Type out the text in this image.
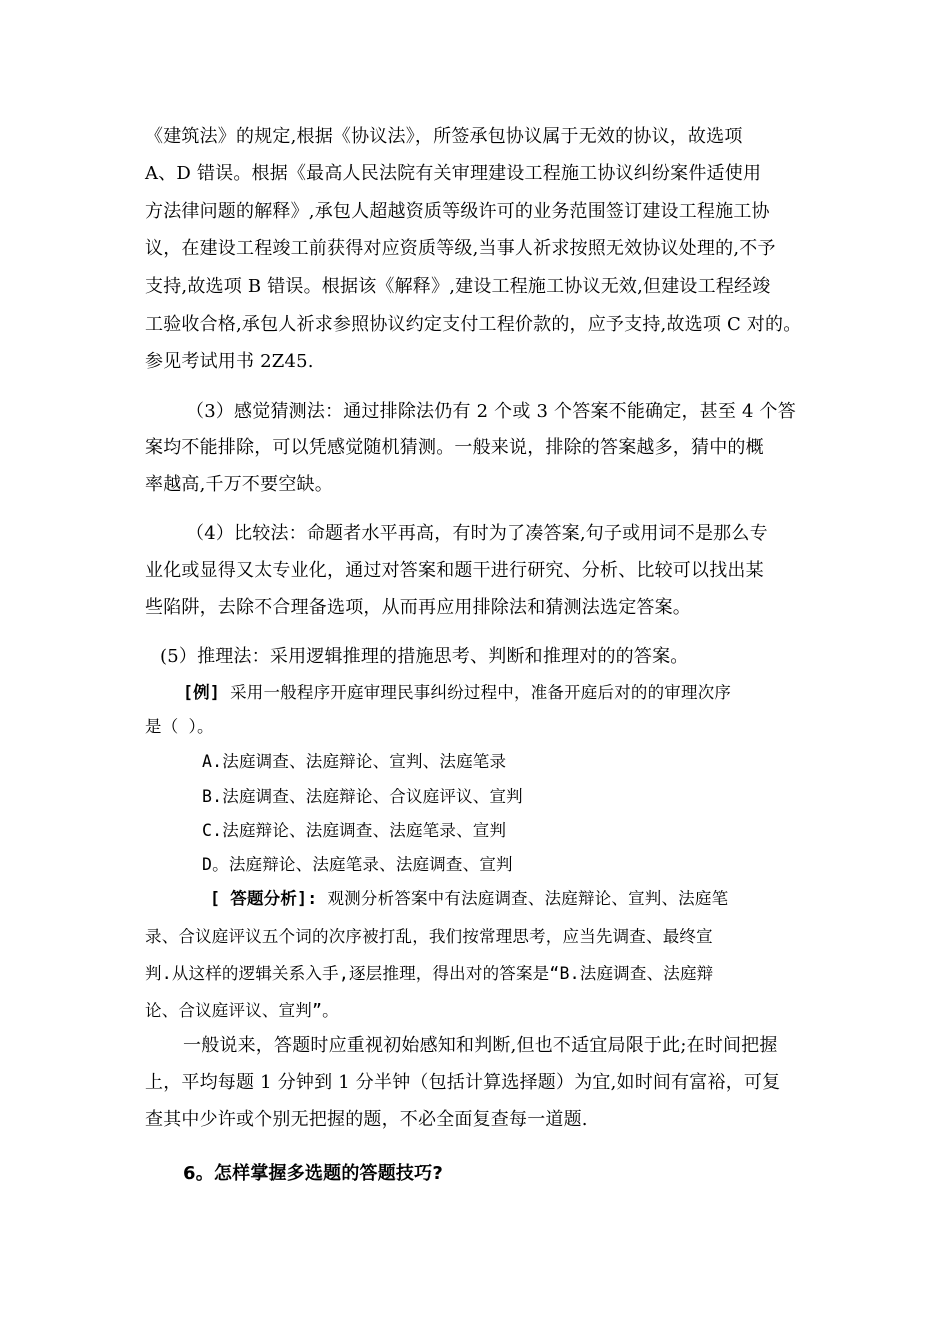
《建筑法》的规定,根据《协议法》，所签承包协议属于无效的协议，故选项
A、D 错误。根据《最高人民法院有关审理建设工程施工协议纠纷案件适使用
方法律问题的解释》,承包人超越资质等级许可的业务范围签订建设工程施工协
议，在建设工程竣工前获得对应资质等级,当事人祈求按照无效协议处理的,不予
支持,故选项 B 错误。根据该《解释》,建设工程施工协议无效,但建设工程经竣
工验收合格,承包人祈求参照协议约定支付工程价款的，应予支持,故选项 C 对的。
参见考试用书 2Z45.
（3）感觉猜测法：通过排除法仍有 2 个或 3 个答案不能确定，甚至 4 个答
案均不能排除，可以凭感觉随机猜测。一般来说，排除的答案越多，猜中的概
率越高,千万不要空缺。
（4）比较法：命题者水平再高，有时为了凑答案,句子或用词不是那么专
业化或显得又太专业化，通过对答案和题干进行研究、分析、比较可以找出某
些陷阱，去除不合理备选项，从而再应用排除法和猜测法选定答案。
(5）推理法：采用逻辑推理的措施思考、判断和推理对的的答案。
[例] 采用一般程序开庭审理民事纠纷过程中，准备开庭后对的的审理次序
是（ ）。
A.法庭调查、法庭辩论、宣判、法庭笔录
B.法庭调查、法庭辩论、合议庭评议、宣判
C.法庭辩论、法庭调查、法庭笔录、宣判
D。法庭辩论、法庭笔录、法庭调查、宣判
[ 答题分析]: 观测分析答案中有法庭调查、法庭辩论、宣判、法庭笔
录、合议庭评议五个词的次序被打乱，我们按常理思考，应当先调查、最终宣
判.从这样的逻辑关系入手,逐层推理，得出对的答案是“B.法庭调查、法庭辩
论、合议庭评议、宣判”。
一般说来，答题时应重视初始感知和判断,但也不适宜局限于此;在时间把握
上，平均每题 1 分钟到 1 分半钟（包括计算选择题）为宜,如时间有富裕，可复
查其中少许或个别无把握的题，不必全面复查每一道题.
6。怎样掌握多选题的答题技巧?
